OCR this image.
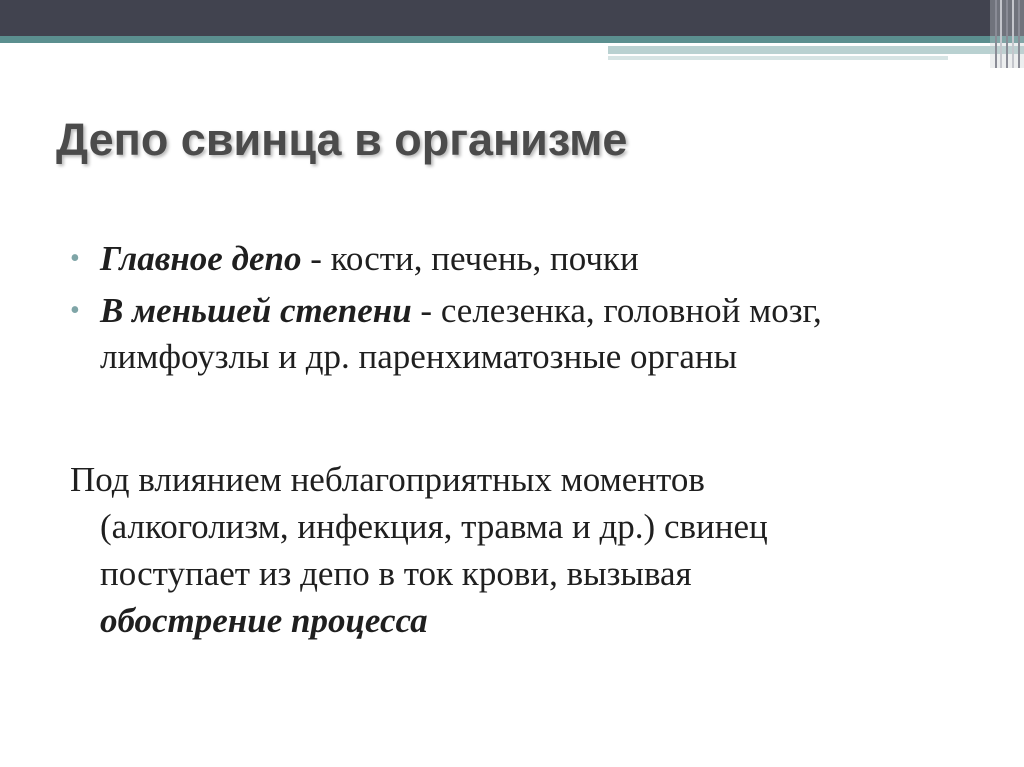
Депо свинца в организме
• Главное депо - кости, печень, почки
• В меньшей степени - селезенка, головной мозг, лимфоузлы и др. паренхиматозные органы

Под влиянием неблагоприятных моментов
(алкоголизм, инфекция, травма и др.) свинец
поступает из депо в ток крови, вызывая
обострение процесса
